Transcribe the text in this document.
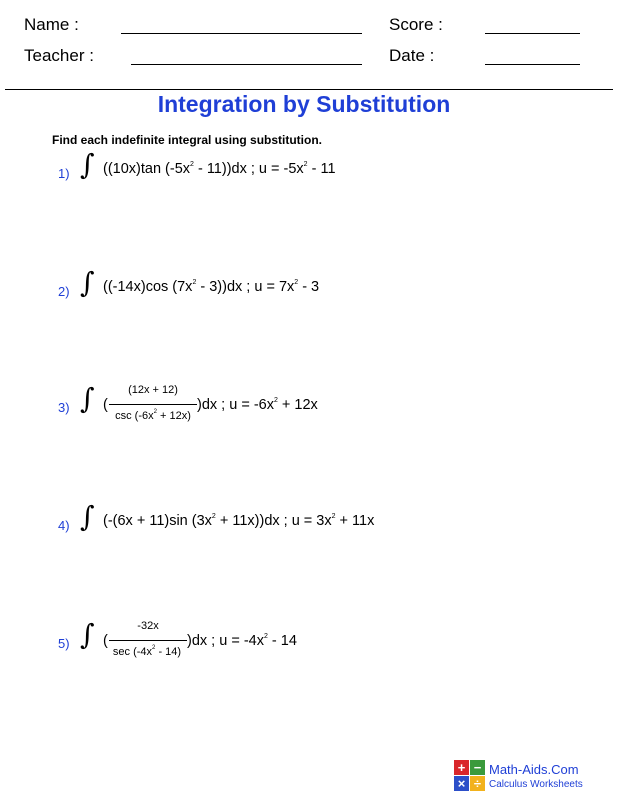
Name :	Score :
Teacher :	Date :
Integration by Substitution
Find each indefinite integral using substitution.
1) ∫ ((10x)tan $(-5x^2 - 11))dx$ ; $u = -5x^2 - 11$
2) ∫ ((-14x)cos $(7x^2 - 3))dx$ ; $u = 7x^2 - 3$
3) ∫ (
(12x + 12)
$\csc (-6x^2 + 12x)$
)dx ; $u = -6x^2 + 12x$
4) ∫ (-(6x + 11)sin $(3x^2 + 11x))dx$ ; $u = 3x^2 + 11x$
5) ∫ (
-32x
$\sec (-4x^2 - 14)$
)dx ; $u = -4x^2 - 14$
+ −
× ÷
Math-Aids.Com
Calculus Worksheets
